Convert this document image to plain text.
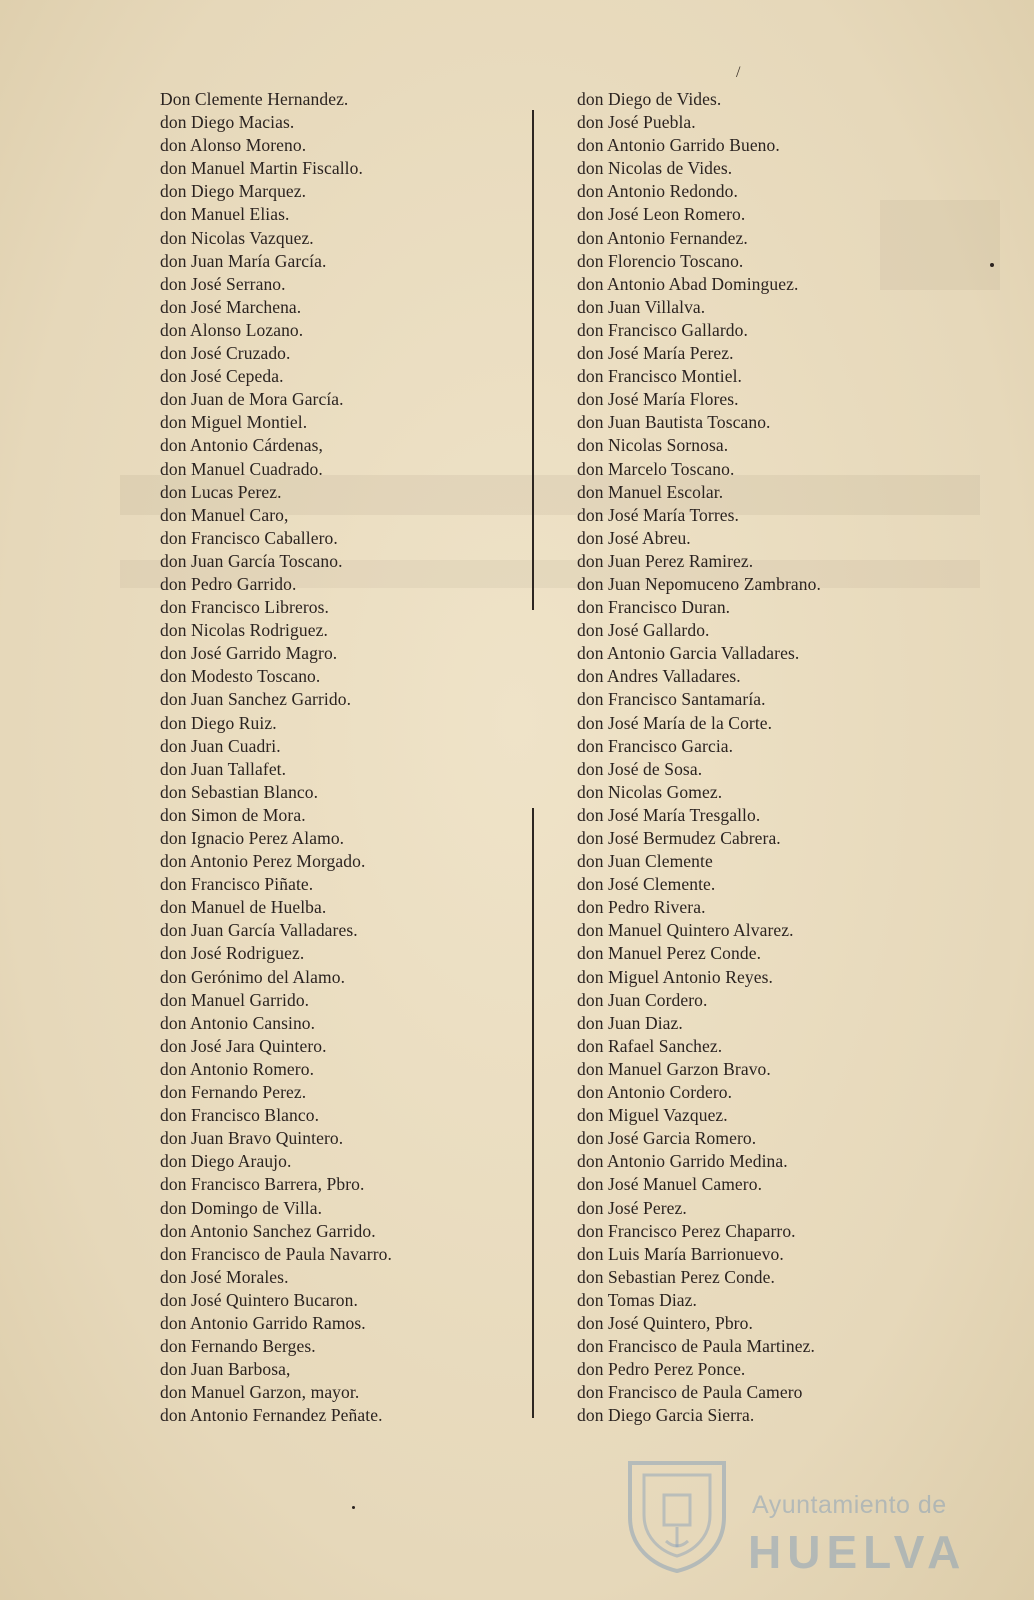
/
Don Clemente Hernandez.
don Diego Macias.
don Alonso Moreno.
don Manuel Martin Fiscallo.
don Diego Marquez.
don Manuel Elias.
don Nicolas Vazquez.
don Juan María García.
don José Serrano.
don José Marchena.
don Alonso Lozano.
don José Cruzado.
don José Cepeda.
don Juan de Mora García.
don Miguel Montiel.
don Antonio Cárdenas,
don Manuel Cuadrado.
don Lucas Perez.
don Manuel Caro,
don Francisco Caballero.
don Juan García Toscano.
don Pedro Garrido.
don Francisco Libreros.
don Nicolas Rodriguez.
don José Garrido Magro.
don Modesto Toscano.
don Juan Sanchez Garrido.
don Diego Ruiz.
don Juan Cuadri.
don Juan Tallafet.
don Sebastian Blanco.
don Simon de Mora.
don Ignacio Perez Alamo.
don Antonio Perez Morgado.
don Francisco Piñate.
don Manuel de Huelba.
don Juan García Valladares.
don José Rodriguez.
don Gerónimo del Alamo.
don Manuel Garrido.
don Antonio Cansino.
don José Jara Quintero.
don Antonio Romero.
don Fernando Perez.
don Francisco Blanco.
don Juan Bravo Quintero.
don Diego Araujo.
don Francisco Barrera, Pbro.
don Domingo de Villa.
don Antonio Sanchez Garrido.
don Francisco de Paula Navarro.
don José Morales.
don José Quintero Bucaron.
don Antonio Garrido Ramos.
don Fernando Berges.
don Juan Barbosa,
don Manuel Garzon, mayor.
don Antonio Fernandez Peñate.
don Diego de Vides.
don José Puebla.
don Antonio Garrido Bueno.
don Nicolas de Vides.
don Antonio Redondo.
don José Leon Romero.
don Antonio Fernandez.
don Florencio Toscano.
don Antonio Abad Dominguez.
don Juan Villalva.
don Francisco Gallardo.
don José María Perez.
don Francisco Montiel.
don José María Flores.
don Juan Bautista Toscano.
don Nicolas Sornosa.
don Marcelo Toscano.
don Manuel Escolar.
don José María Torres.
don José Abreu.
don Juan Perez Ramirez.
don Juan Nepomuceno Zambrano.
don Francisco Duran.
don José Gallardo.
don Antonio Garcia Valladares.
don Andres Valladares.
don Francisco Santamaría.
don José María de la Corte.
don Francisco Garcia.
don José de Sosa.
don Nicolas Gomez.
don José María Tresgallo.
don José Bermudez Cabrera.
don Juan Clemente
don José Clemente.
don Pedro Rivera.
don Manuel Quintero Alvarez.
don Manuel Perez Conde.
don Miguel Antonio Reyes.
don Juan Cordero.
don Juan Diaz.
don Rafael Sanchez.
don Manuel Garzon Bravo.
don Antonio Cordero.
don Miguel Vazquez.
don José Garcia Romero.
don Antonio Garrido Medina.
don José Manuel Camero.
don José Perez.
don Francisco Perez Chaparro.
don Luis María Barrionuevo.
don Sebastian Perez Conde.
don Tomas Diaz.
don José Quintero, Pbro.
don Francisco de Paula Martinez.
don Pedro Perez Ponce.
don Francisco de Paula Camero
don Diego Garcia Sierra.
Ayuntamiento de
HUELVA
